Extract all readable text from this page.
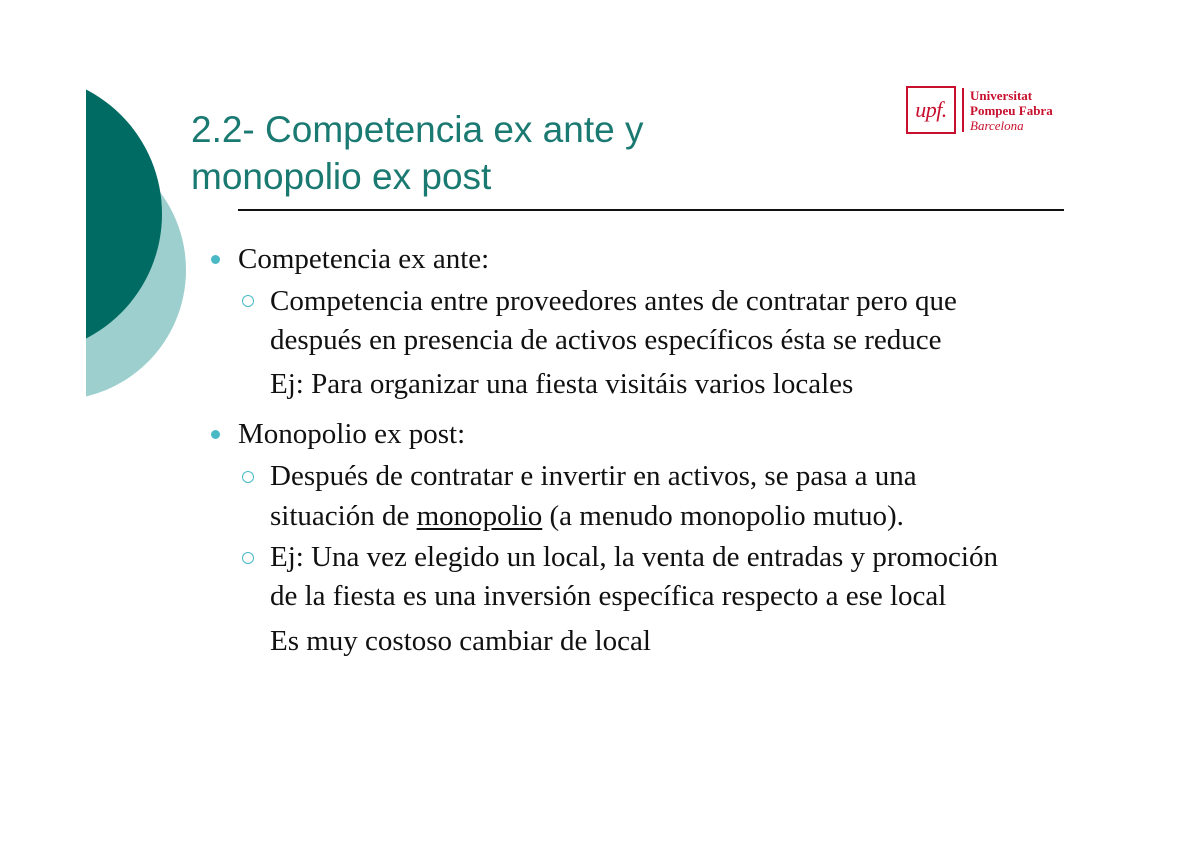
2.2- Competencia ex ante y
monopolio ex post
upf.
Universitat
Pompeu Fabra
Barcelona
Competencia ex ante:
Competencia entre proveedores antes de contratar pero que
después en presencia de activos específicos ésta se reduce
Ej: Para organizar una fiesta visitáis varios locales
Monopolio ex post:
Después de contratar e invertir en activos, se pasa a una
situación de monopolio (a menudo monopolio mutuo).
Ej: Una vez elegido un local, la venta de entradas y promoción
de la fiesta es una inversión específica respecto a ese local
Es muy costoso cambiar de local
